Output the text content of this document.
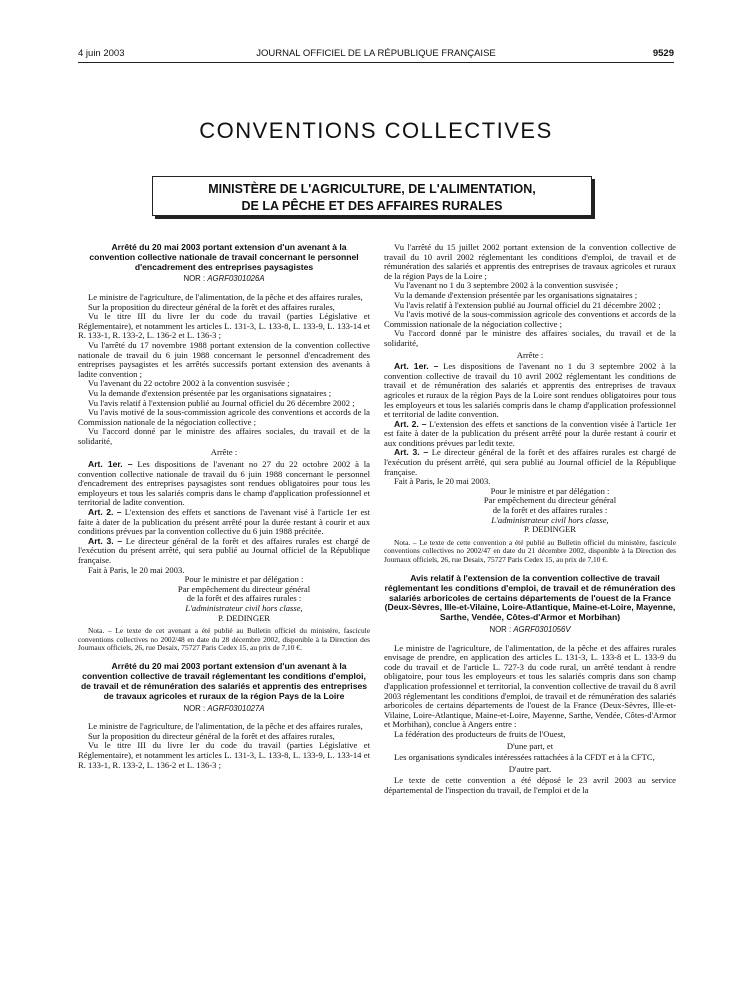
4 juin 2003	JOURNAL OFFICIEL DE LA RÉPUBLIQUE FRANÇAISE	9529
CONVENTIONS COLLECTIVES
MINISTÈRE DE L'AGRICULTURE, DE L'ALIMENTATION,
DE LA PÊCHE ET DES AFFAIRES RURALES

Arrêté du 20 mai 2003 portant extension d'un avenant à la convention collective nationale de travail concernant le personnel d'encadrement des entreprises paysagistes

NOR : AGRF0301026A

Le ministre de l'agriculture, de l'alimentation, de la pêche et des affaires rurales,

Sur la proposition du directeur général de la forêt et des affaires rurales,

Vu le titre III du livre Ier du code du travail (parties Législative et Réglementaire), et notamment les articles L. 131-3, L. 133-8, L. 133-9, L. 133-14 et R. 133-1, R. 133-2, L. 136-2 et L. 136-3 ;

Vu l'arrêté du 17 novembre 1988 portant extension de la convention collective nationale de travail du 6 juin 1988 concernant le personnel d'encadrement des entreprises paysagistes et les arrêtés successifs portant extension des avenants à ladite convention ;

Vu l'avenant du 22 octobre 2002 à la convention susvisée ;

Vu la demande d'extension présentée par les organisations signataires ;

Vu l'avis relatif à l'extension publié au Journal officiel du 26 décembre 2002 ;

Vu l'avis motivé de la sous-commission agricole des conventions et accords de la Commission nationale de la négociation collective ;

Vu l'accord donné par le ministre des affaires sociales, du travail et de la solidarité,

Arrête :

Art. 1er. – Les dispositions de l'avenant no 27 du 22 octobre 2002 à la convention collective nationale de travail du 6 juin 1988 concernant le personnel d'encadrement des entreprises paysagistes sont rendues obligatoires pour tous les employeurs et tous les salariés compris dans le champ d'application professionnel et territorial de ladite convention.

Art. 2. – L'extension des effets et sanctions de l'avenant visé à l'article 1er est faite à dater de la publication du présent arrêté pour la durée restant à courir et aux conditions prévues par la convention collective du 6 juin 1988 précitée.

Art. 3. – Le directeur général de la forêt et des affaires rurales est chargé de l'exécution du présent arrêté, qui sera publié au Journal officiel de la République française.

Fait à Paris, le 20 mai 2003.

Pour le ministre et par délégation :

Par empêchement du directeur général

de la forêt et des affaires rurales :

L'administrateur civil hors classe,

P. DEDINGER

Nota. – Le texte de cet avenant a été publié au Bulletin officiel du ministère, fascicule conventions collectives no 2002/48 en date du 28 décembre 2002, disponible à la Direction des Journaux officiels, 26, rue Desaix, 75727 Paris Cedex 15, au prix de 7,10 €.

Arrêté du 20 mai 2003 portant extension d'un avenant à la convention collective de travail réglementant les conditions d'emploi, de travail et de rémunération des salariés et apprentis des entreprises de travaux agricoles et ruraux de la région Pays de la Loire

NOR : AGRF0301027A

Le ministre de l'agriculture, de l'alimentation, de la pêche et des affaires rurales,

Sur la proposition du directeur général de la forêt et des affaires rurales,

Vu le titre III du livre Ier du code du travail (parties Législative et Réglementaire), et notamment les articles L. 131-3, L. 133-8, L. 133-9, L. 133-14 et R. 133-1, R. 133-2, L. 136-2 et L. 136-3 ;

Vu l'arrêté du 15 juillet 2002 portant extension de la convention collective de travail du 10 avril 2002 réglementant les conditions d'emploi, de travail et de rémunération des salariés et apprentis des entreprises de travaux agricoles et ruraux de la région Pays de la Loire ;

Vu l'avenant no 1 du 3 septembre 2002 à la convention susvisée ;

Vu la demande d'extension présentée par les organisations signataires ;

Vu l'avis relatif à l'extension publié au Journal officiel du 21 décembre 2002 ;

Vu l'avis motivé de la sous-commission agricole des conventions et accords de la Commission nationale de la négociation collective ;

Vu l'accord donné par le ministre des affaires sociales, du travail et de la solidarité,

Arrête :

Art. 1er. – Les dispositions de l'avenant no 1 du 3 septembre 2002 à la convention collective de travail du 10 avril 2002 réglementant les conditions de travail et de rémunération des salariés et apprentis des entreprises de travaux agricoles et ruraux de la région Pays de la Loire sont rendues obligatoires pour tous les employeurs et tous les salariés compris dans le champ d'application professionnel et territorial de ladite convention.

Art. 2. – L'extension des effets et sanctions de la convention visée à l'article 1er est faite à dater de la publication du présent arrêté pour la durée restant à courir et aux conditions prévues par ledit texte.

Art. 3. – Le directeur général de la forêt et des affaires rurales est chargé de l'exécution du présent arrêté, qui sera publié au Journal officiel de la République française.

Fait à Paris, le 20 mai 2003.

Pour le ministre et par délégation :

Par empêchement du directeur général

de la forêt et des affaires rurales :

L'administrateur civil hors classe,

P. DEDINGER

Nota. – Le texte de cette convention a été publié au Bulletin officiel du ministère, fascicule conventions collectives no 2002/47 en date du 21 décembre 2002, disponible à la Direction des Journaux officiels, 26, rue Desaix, 75727 Paris Cedex 15, au prix de 7,10 €.

Avis relatif à l'extension de la convention collective de travail réglementant les conditions d'emploi, de travail et de rémunération des salariés arboricoles de certains départements de l'ouest de la France (Deux-Sèvres, Ille-et-Vilaine, Loire-Atlantique, Maine-et-Loire, Mayenne, Sarthe, Vendée, Côtes-d'Armor et Morbihan)

NOR : AGRF0301056V

Le ministre de l'agriculture, de l'alimentation, de la pêche et des affaires rurales envisage de prendre, en application des articles L. 131-3, L. 133-8 et L. 133-9 du code du travail et de l'article L. 727-3 du code rural, un arrêté tendant à rendre obligatoire, pour tous les employeurs et tous les salariés compris dans son champ d'application professionnel et territorial, la convention collective de travail du 8 avril 2003 réglementant les conditions d'emploi, de travail et de rémunération des salariés arboricoles de certains départements de l'ouest de la France (Deux-Sèvres, Ille-et-Vilaine, Loire-Atlantique, Maine-et-Loire, Mayenne, Sarthe, Vendée, Côtes-d'Armor et Morbihan), conclue à Angers entre :

La fédération des producteurs de fruits de l'Ouest,

D'une part, et

Les organisations syndicales intéressées rattachées à la CFDT et à la CFTC,

D'autre part.

Le texte de cette convention a été déposé le 23 avril 2003 au service départemental de l'inspection du travail, de l'emploi et de la
